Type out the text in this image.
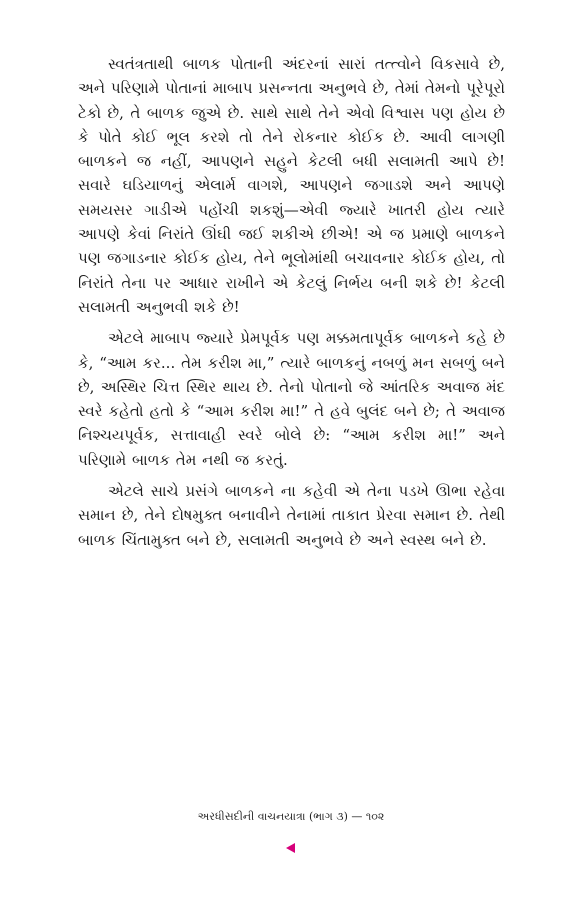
સ્વતંત્રતાથી બાળક પોતાની અંદરનાં સારાં તત્ત્વોને વિકસાવે છે, અને પરિણામે પોતાનાં માબાપ પ્રસન્નતા અનુભવે છે, તેમાં તેમનો પૂરેપૂરો ટેકો છે, તે બાળક જુએ છે. સાથે સાથે તેને એવો વિશ્વાસ પણ હોય છે કે પોતે કોઈ ભૂલ કરશે તો તેને રોકનાર કોઈક છે. આવી લાગણી બાળકને જ નહીં, આપણને સહુને કેટલી બધી સલામતી આપે છે! સવારે ઘડિયાળનું એલાર્મ વાગશે, આપણને જગાડશે અને આપણે સમયસર ગાડીએ પહોંચી શકશું—એવી જ્યારે ખાતરી હોય ત્યારે આપણે કેવાં નિરાંતે ઊંઘી જઈ શકીએ છીએ! એ જ પ્રમાણે બાળકને પણ જગાડનાર કોઈક હોય, તેને ભૂલોમાંથી બચાવનાર કોઈક હોય, તો નિરાંતે તેના પર આધાર રાખીને એ કેટલું નિર્ભય બની શકે છે! કેટલી સલામતી અનુભવી શકે છે!

એટલે માબાપ જ્યારે પ્રેમપૂર્વક પણ મક્કમતાપૂર્વક બાળકને કહે છે કે, “આમ કર... તેમ કરીશ મા,” ત્યારે બાળકનું નબળું મન સબળું બને છે, અસ્થિર ચિત્ત સ્થિર થાય છે. તેનો પોતાનો જે આંતરિક અવાજ મંદ સ્વરે કહેતો હતો કે “આમ કરીશ મા!” તે હવે બુલંદ બને છે; તે અવાજ નિશ્ચયપૂર્વક, સત્તાવાહી સ્વરે બોલે છે: “આમ કરીશ મા!” અને પરિણામે બાળક તેમ નથી જ કરતું.

એટલે સાચે પ્રસંગે બાળકને ના કહેવી એ તેના પડખે ઊભા રહેવા સમાન છે, તેને દોષમુક્ત બનાવીને તેનામાં તાકાત પ્રેરવા સમાન છે. તેથી બાળક ચિંતામુક્ત બને છે, સલામતી અનુભવે છે અને સ્વસ્થ બને છે.

અરધીસદીની વાચનયાત્રા (ભાગ ૩) — ૧૦૨
